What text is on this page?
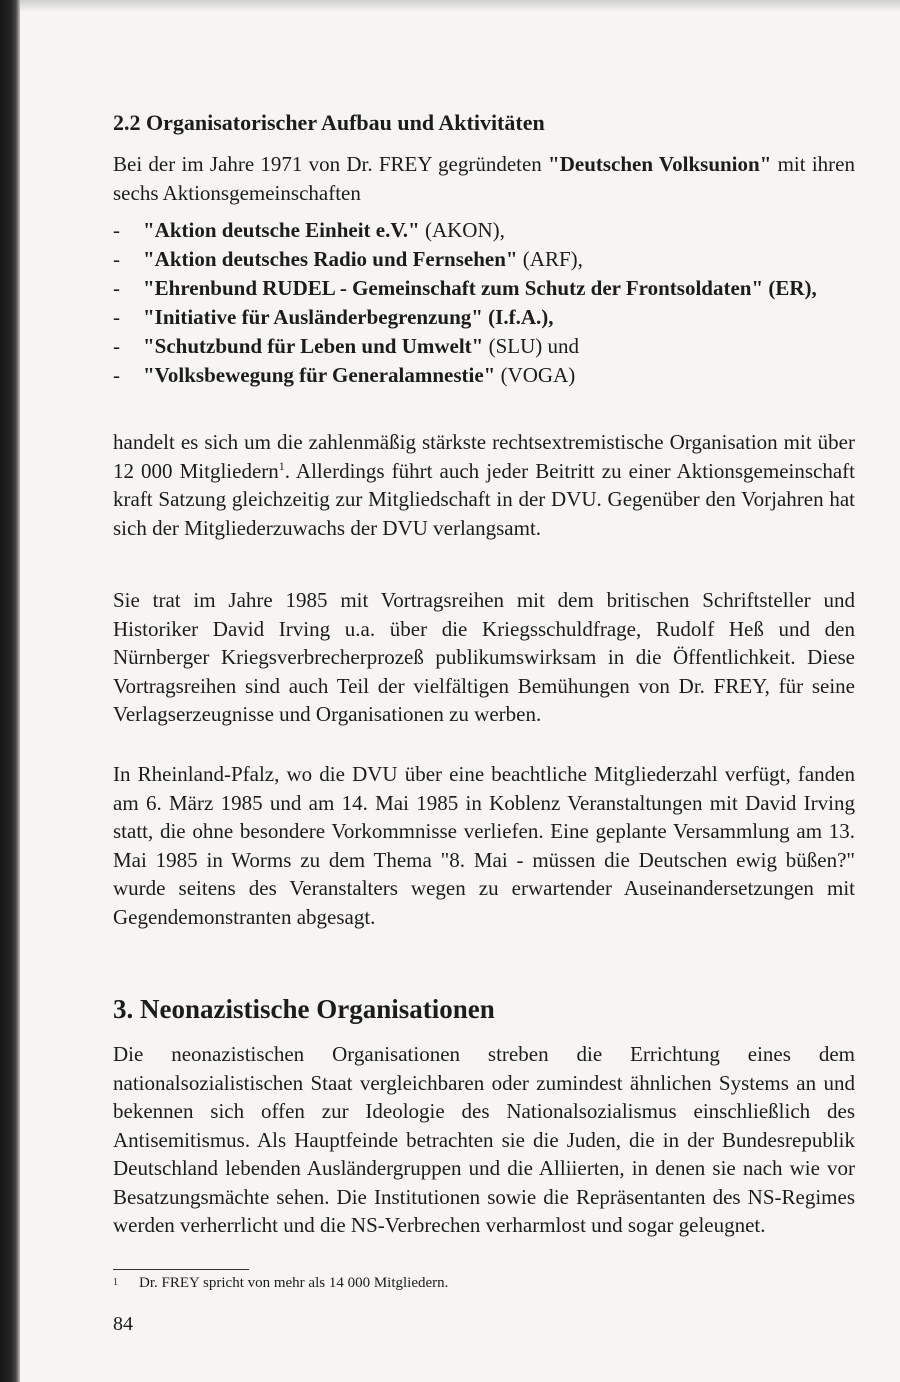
2.2 Organisatorischer Aufbau und Aktivitäten

Bei der im Jahre 1971 von Dr. FREY gegründeten "Deutschen Volksunion" mit ihren sechs Aktionsgemeinschaften

- "Aktion deutsche Einheit e.V." (AKON),
- "Aktion deutsches Radio und Fernsehen" (ARF),
- "Ehrenbund RUDEL - Gemeinschaft zum Schutz der Frontsoldaten" (ER),
- "Initiative für Ausländerbegrenzung" (I.f.A.),
- "Schutzbund für Leben und Umwelt" (SLU) und
- "Volksbewegung für Generalamnestie" (VOGA)

handelt es sich um die zahlenmäßig stärkste rechtsextremistische Organisation mit über 12 000 Mitgliedern$^1$. Allerdings führt auch jeder Beitritt zu einer Aktionsgemeinschaft kraft Satzung gleichzeitig zur Mitgliedschaft in der DVU. Gegenüber den Vorjahren hat sich der Mitgliederzuwachs der DVU verlangsamt.

Sie trat im Jahre 1985 mit Vortragsreihen mit dem britischen Schriftsteller und Historiker David Irving u.a. über die Kriegsschuldfrage, Rudolf Heß und den Nürnberger Kriegsverbrecherprozeß publikumswirksam in die Öffentlichkeit. Diese Vortragsreihen sind auch Teil der vielfältigen Bemühungen von Dr. FREY, für seine Verlagserzeugnisse und Organisationen zu werben.

In Rheinland-Pfalz, wo die DVU über eine beachtliche Mitgliederzahl verfügt, fanden am 6. März 1985 und am 14. Mai 1985 in Koblenz Veranstaltungen mit David Irving statt, die ohne besondere Vorkommnisse verliefen. Eine geplante Versammlung am 13. Mai 1985 in Worms zu dem Thema "8. Mai - müssen die Deutschen ewig büßen?" wurde seitens des Veranstalters wegen zu erwartender Auseinandersetzungen mit Gegendemonstranten abgesagt.

3. Neonazistische Organisationen

Die neonazistischen Organisationen streben die Errichtung eines dem nationalsozialistischen Staat vergleichbaren oder zumindest ähnlichen Systems an und bekennen sich offen zur Ideologie des Nationalsozialismus einschließlich des Antisemitismus. Als Hauptfeinde betrachten sie die Juden, die in der Bundesrepublik Deutschland lebenden Ausländergruppen und die Alliierten, in denen sie nach wie vor Besatzungsmächte sehen. Die Institutionen sowie die Repräsentanten des NS-Regimes werden verherrlicht und die NS-Verbrechen verharmlost und sogar geleugnet.

1 Dr. FREY spricht von mehr als 14 000 Mitgliedern.
84
